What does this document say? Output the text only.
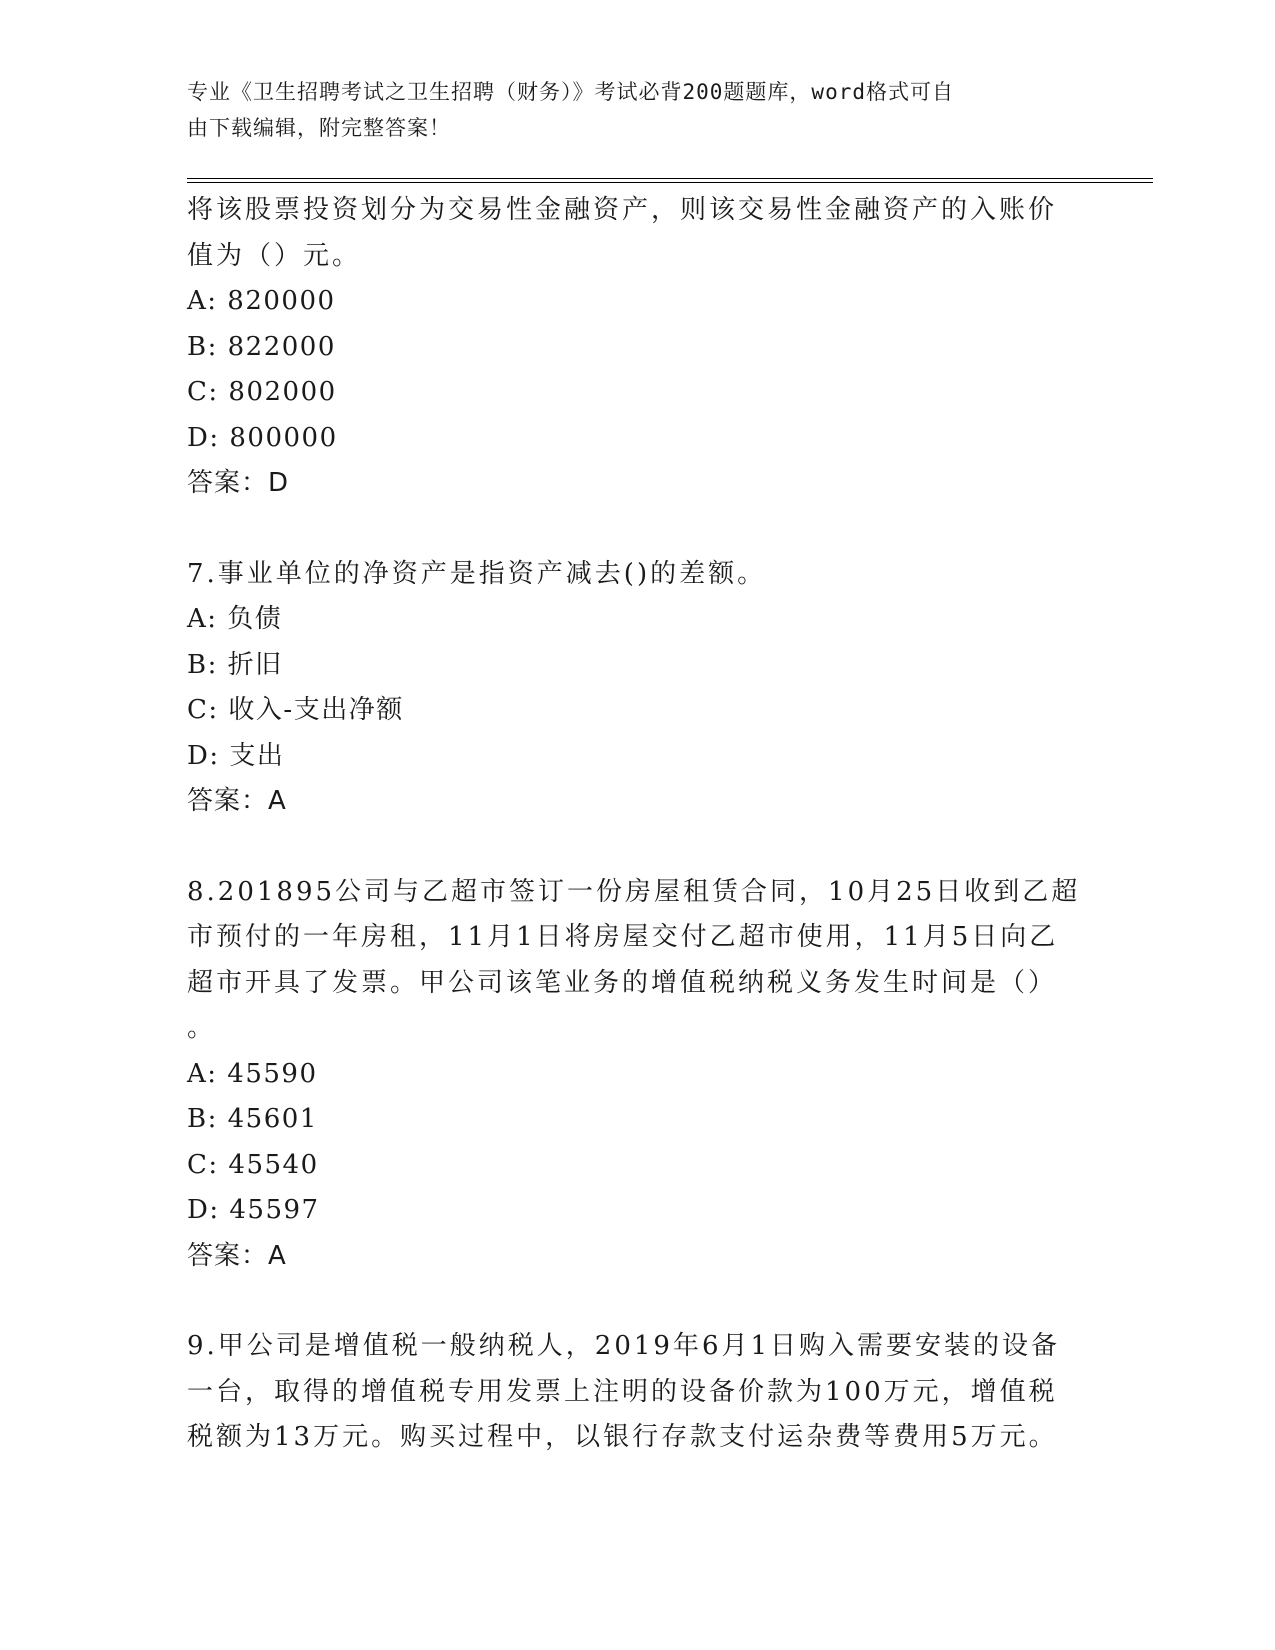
专业《卫生招聘考试之卫生招聘（财务）》考试必背200题题库，word格式可自
由下载编辑，附完整答案！

将该股票投资划分为交易性金融资产，则该交易性金融资产的入账价

值为（）元。

A: 820000

B: 822000

C: 802000

D: 800000

答案：D

7.事业单位的净资产是指资产减去()的差额。

A: 负债

B: 折旧

C: 收入-支出净额

D: 支出

答案：A

8.201895公司与乙超市签订一份房屋租赁合同，10月25日收到乙超

市预付的一年房租，11月1日将房屋交付乙超市使用，11月5日向乙

超市开具了发票。甲公司该笔业务的增值税纳税义务发生时间是（）

。

A: 45590

B: 45601

C: 45540

D: 45597

答案：A

9.甲公司是增值税一般纳税人，2019年6月1日购入需要安装的设备

一台，取得的增值税专用发票上注明的设备价款为100万元，增值税

税额为13万元。购买过程中，以银行存款支付运杂费等费用5万元。
